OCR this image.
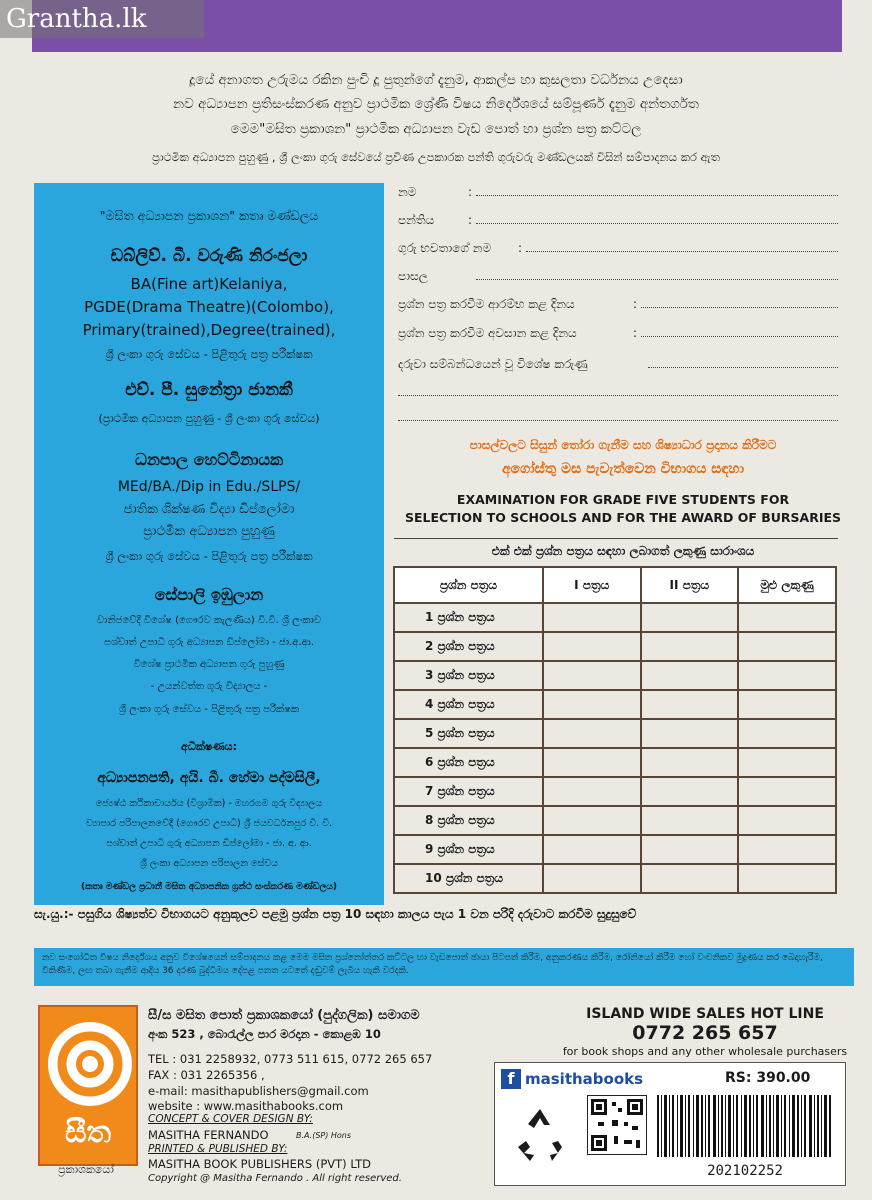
Grantha.lk
දූයේ අනාගත උරුමය රකින පුංචි දූ පුතුන්ගේ දැනුම, ආකල්ප හා කුසලතා වර්ධනය උදෙසා
නව අධ්‍යාපන ප්‍රතිසංස්කරණ අනුව ප්‍රාථමික ශ්‍රේණි විෂය නිර්දේශයේ සම්පූර්ණ දැනුම අන්තර්ගත
මෙම"මසිත ප්‍රකාශන" ප්‍රාථමික අධ්‍යාපන වැඩ පොත් හා ප්‍රශ්න පත්‍ර කට්ටල
ප්‍රාථමික අධ්‍යාපන පුහුණු , ශ්‍රී ලංකා ගුරු සේවයේ ප්‍රවීණ උපකාරක පන්ති ගුරුවරු මණ්ඩලයක් විසින් සම්පාදනය කර ඇත
"මසිත අධ්‍යාපන ප්‍රකාශන" කතෘ මණ්ඩලය
ඩබ්ලිව්. බී. වරුණි නිරංජලා
BA(Fine art)Kelaniya,
PGDE(Drama Theatre)(Colombo),
Primary(trained),Degree(trained),
ශ්‍රී ලංකා ගුරු සේවය - පිළිතුරු පත්‍ර පරීක්ෂක
එච්. පී. සුනේත්‍රා ජානකී
(ප්‍රාථමික අධ්‍යාපන පුහුණු - ශ්‍රී ලංකා ගුරු සේවය)
ධනපාල හෙට්ටිනායක
MEd/BA./Dip in Edu./SLPS/
ජාතික ශික්ෂණ විද්‍යා ඩිප්ලෝමා
ප්‍රාථමික අධ්‍යාපන පුහුණු
ශ්‍රී ලංකා ගුරු සේවය - පිළිතුරු පත්‍ර පරීක්ෂක
සේපාලි ඉඹුලාන
වානිජවේදී විශේෂ (ගෞරව කැලණිය) වී.වී. ශ්‍රී ලංකාව
පශ්චාත් උපාධි ගුරු අධ්‍යාපන ඩිප්ලෝමා - ජා.අ.ආ.
විශේෂ ප්‍රාථමික අධ්‍යාපන ගුරු පුහුණු
- උයන්වත්ත ගුරු විද්‍යාලය -
ශ්‍රී ලංකා ගුරු සේවය - පිළිතුරු පත්‍ර පරීක්ෂක
අධීක්ෂණය:
අධ්‍යාපනපති, අයි. බී. හේමා පද්මසිලී,
ජ්‍යෙෂ්ඨ කථිකාචාර්යය (විශ්‍රාමික) - මහරගම ගුරු විද්‍යාලය
ව්‍යාපාර පරිපාලනවේදී (ගෞරව උපාධි) ශ්‍රී ජයවර්ධනපුර වී. වී.
පශ්චාත් උපාධි ගුරු අධ්‍යාපන ඩිප්ලෝමා - ජා. අ. ආ.
ශ්‍රී ලංකා අධ්‍යාපන පරිපාලන සේවය
(කතෘ මණ්ඩල ප්‍රධානී මසිත අධ්‍යාපනික ග්‍රන්ථ සංස්කරණ මණ්ඩලය)
නම	:
පන්තිය	:
ගුරු භවතාගේ නම :
පාසල
ප්‍රශ්න පත්‍ර කරවීම ආරම්භ කළ දිනය	:
ප්‍රශ්න පත්‍ර කරවීම අවසාන කළ දිනය	:
දරුවා සම්බන්ධයෙන් වූ විශේෂ කරුණු
පාසල්වලට සිසුන් තෝරා ගැනීම සහ ශිෂ්‍යාධාර ප්‍රදානය කිරීමට
අගෝස්තු මස පැවැත්වෙන විභාගය සඳහා
EXAMINATION FOR GRADE FIVE STUDENTS FOR
SELECTION TO SCHOOLS AND FOR THE AWARD OF BURSARIES
එක් එක් ප්‍රශ්න පත්‍රය සඳහා ලබාගත් ලකුණු සාරාංශය
ප්‍රශ්න පත්‍රය	I පත්‍රය	II පත්‍රය	මුළු ලකුණු
1 ප්‍රශ්න පත්‍රය			
2 ප්‍රශ්න පත්‍රය			
3 ප්‍රශ්න පත්‍රය			
4 ප්‍රශ්න පත්‍රය			
5 ප්‍රශ්න පත්‍රය			
6 ප්‍රශ්න පත්‍රය			
7 ප්‍රශ්න පත්‍රය			
8 ප්‍රශ්න පත්‍රය			
9 ප්‍රශ්න පත්‍රය			
10 ප්‍රශ්න පත්‍රය			
සැ.යු.:- පසුගිය ශිෂ්‍යත්ව විභාගයට අනුකූලව පළමු ප්‍රශ්න පත්‍ර 10 සඳහා කාලය පැය 1 වන පරිදි දරුවාට කරවීම සුදුසුවේ
නව සංශෝධිත විෂය නිර්දේශය අනුව විශේෂයෙන් සම්පාදනය කළ මෙම මසිත ප්‍රශ්නෝත්තර කට්ටල හා වැඩපොත් ඡායා පිටපත් කිරීම, අනුකරණය කිරීම, රෝනියෝ කිරීම හෝ වංචනිකව මුද්‍රණය කර බෙදාහැරීම, විකිණීම, ලඟ තබා ගැනීම ආදිය 36 දරණ බුද්ධිමය දේපළ පනත යටතේ දඬුවම් ලැබිය හැකි වරදකි.
සීත
ප්‍රකාශකයෝ
සී/ස මසිත පොත් ප්‍රකාශකයෝ (පුද්ගලික) සමාගම
අංක 523 , බොරැල්ල පාර මරදාන - කොළඹ 10
TEL : 031 2258932, 0773 511 615, 0772 265 657
FAX : 031 2265356 ,
e-mail: masithapublishers@gmail.com
website : www.masithabooks.com
CONCEPT & COVER DESIGN BY:
MASITHA FERNANDO	B.A.(SP) Hons
PRINTED & PUBLISHED BY:
MASITHA BOOK PUBLISHERS (PVT) LTD
Copyright @ Masitha Fernando . All right reserved.
ISLAND WIDE SALES HOT LINE
0772 265 657
for book shops and any other wholesale purchasers
f masithabooks	RS: 390.00
202102252
